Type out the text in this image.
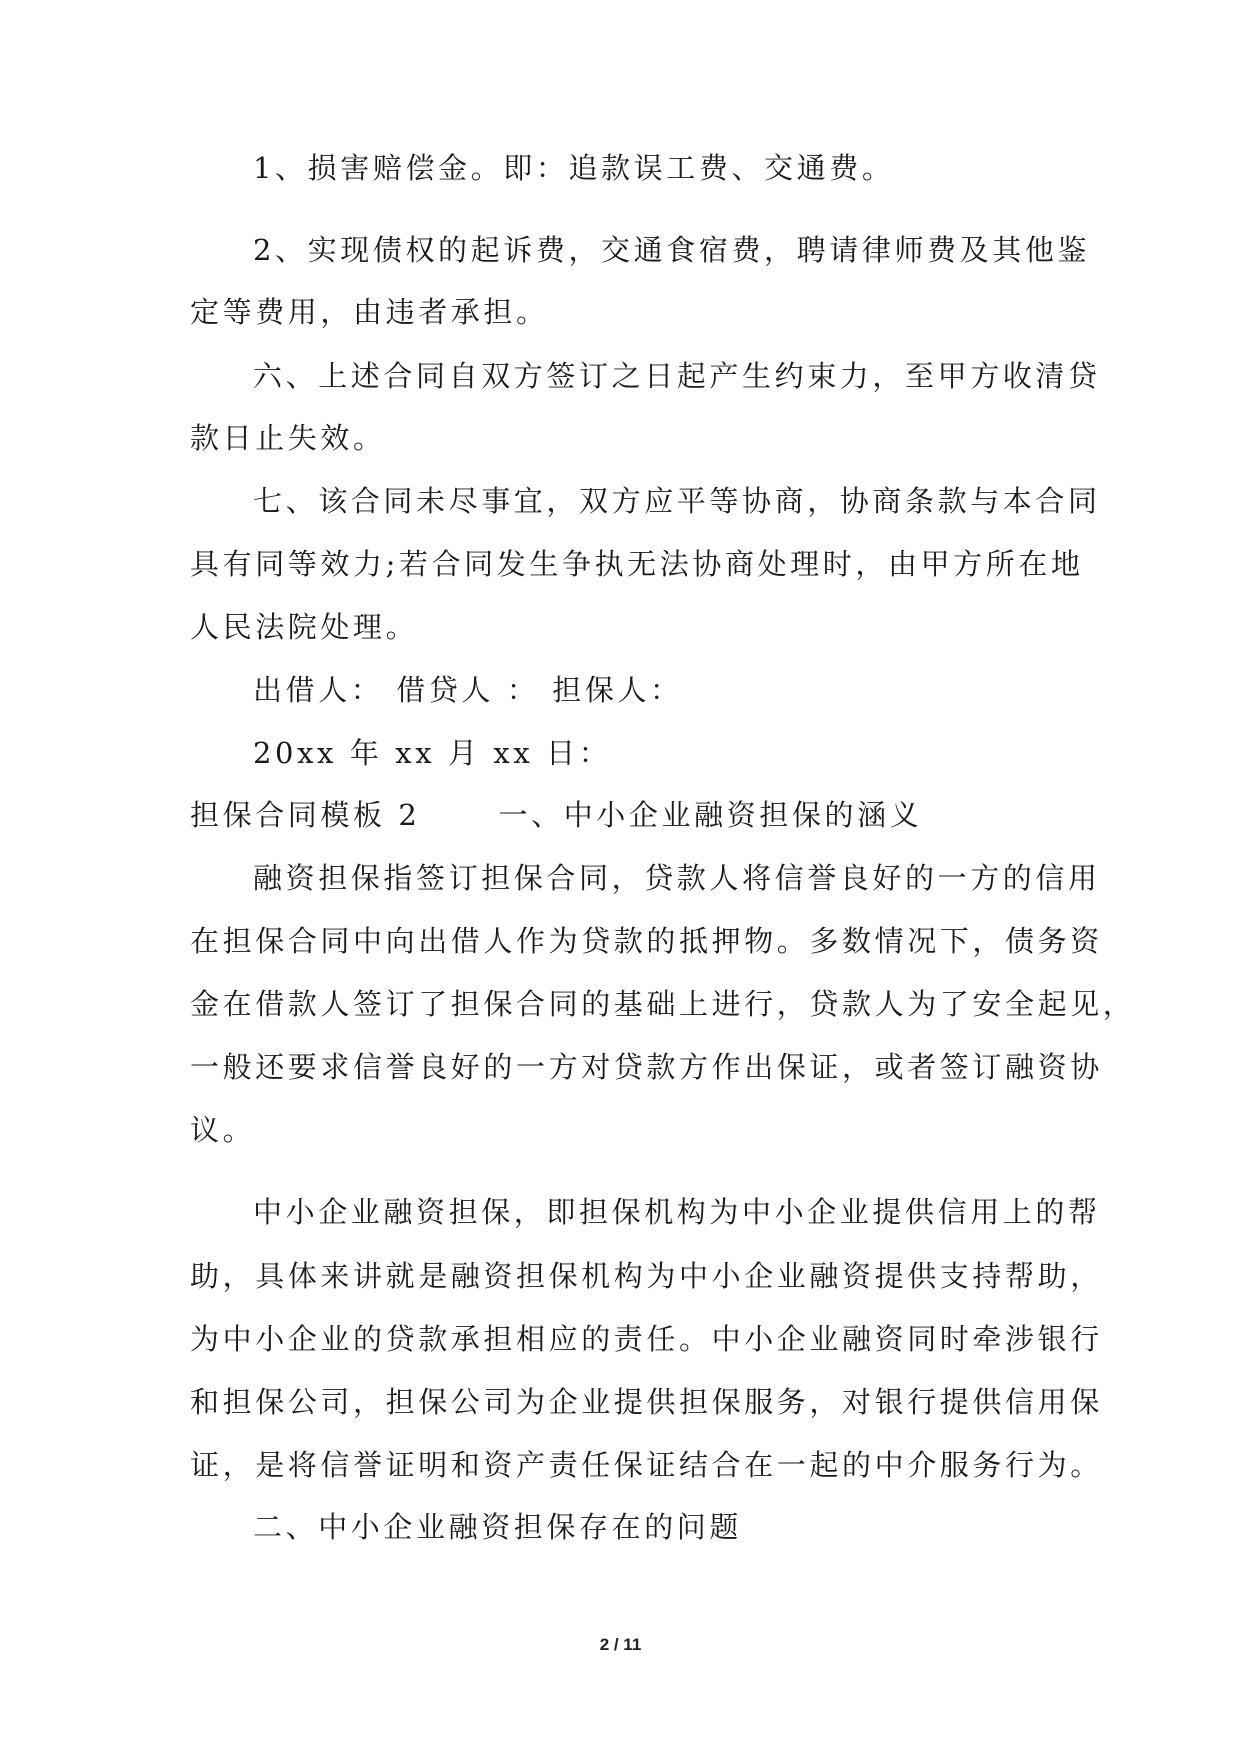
1、损害赔偿金。即：追款误工费、交通费。
2、实现债权的起诉费，交通食宿费，聘请律师费及其他鉴
定等费用，由违者承担。
六、上述合同自双方签订之日起产生约束力，至甲方收清贷
款日止失效。
七、该合同未尽事宜，双方应平等协商，协商条款与本合同
具有同等效力;若合同发生争执无法协商处理时，由甲方所在地
人民法院处理。
出借人： 借贷人 ： 担保人：
20xx 年 xx 月 xx 日：
担保合同模板 2　　 一、中小企业融资担保的涵义
融资担保指签订担保合同，贷款人将信誉良好的一方的信用
在担保合同中向出借人作为贷款的抵押物。多数情况下，债务资
金在借款人签订了担保合同的基础上进行，贷款人为了安全起见，
一般还要求信誉良好的一方对贷款方作出保证，或者签订融资协
议。
中小企业融资担保，即担保机构为中小企业提供信用上的帮
助，具体来讲就是融资担保机构为中小企业融资提供支持帮助，
为中小企业的贷款承担相应的责任。中小企业融资同时牵涉银行
和担保公司，担保公司为企业提供担保服务，对银行提供信用保
证，是将信誉证明和资产责任保证结合在一起的中介服务行为。
二、中小企业融资担保存在的问题
2 / 11
